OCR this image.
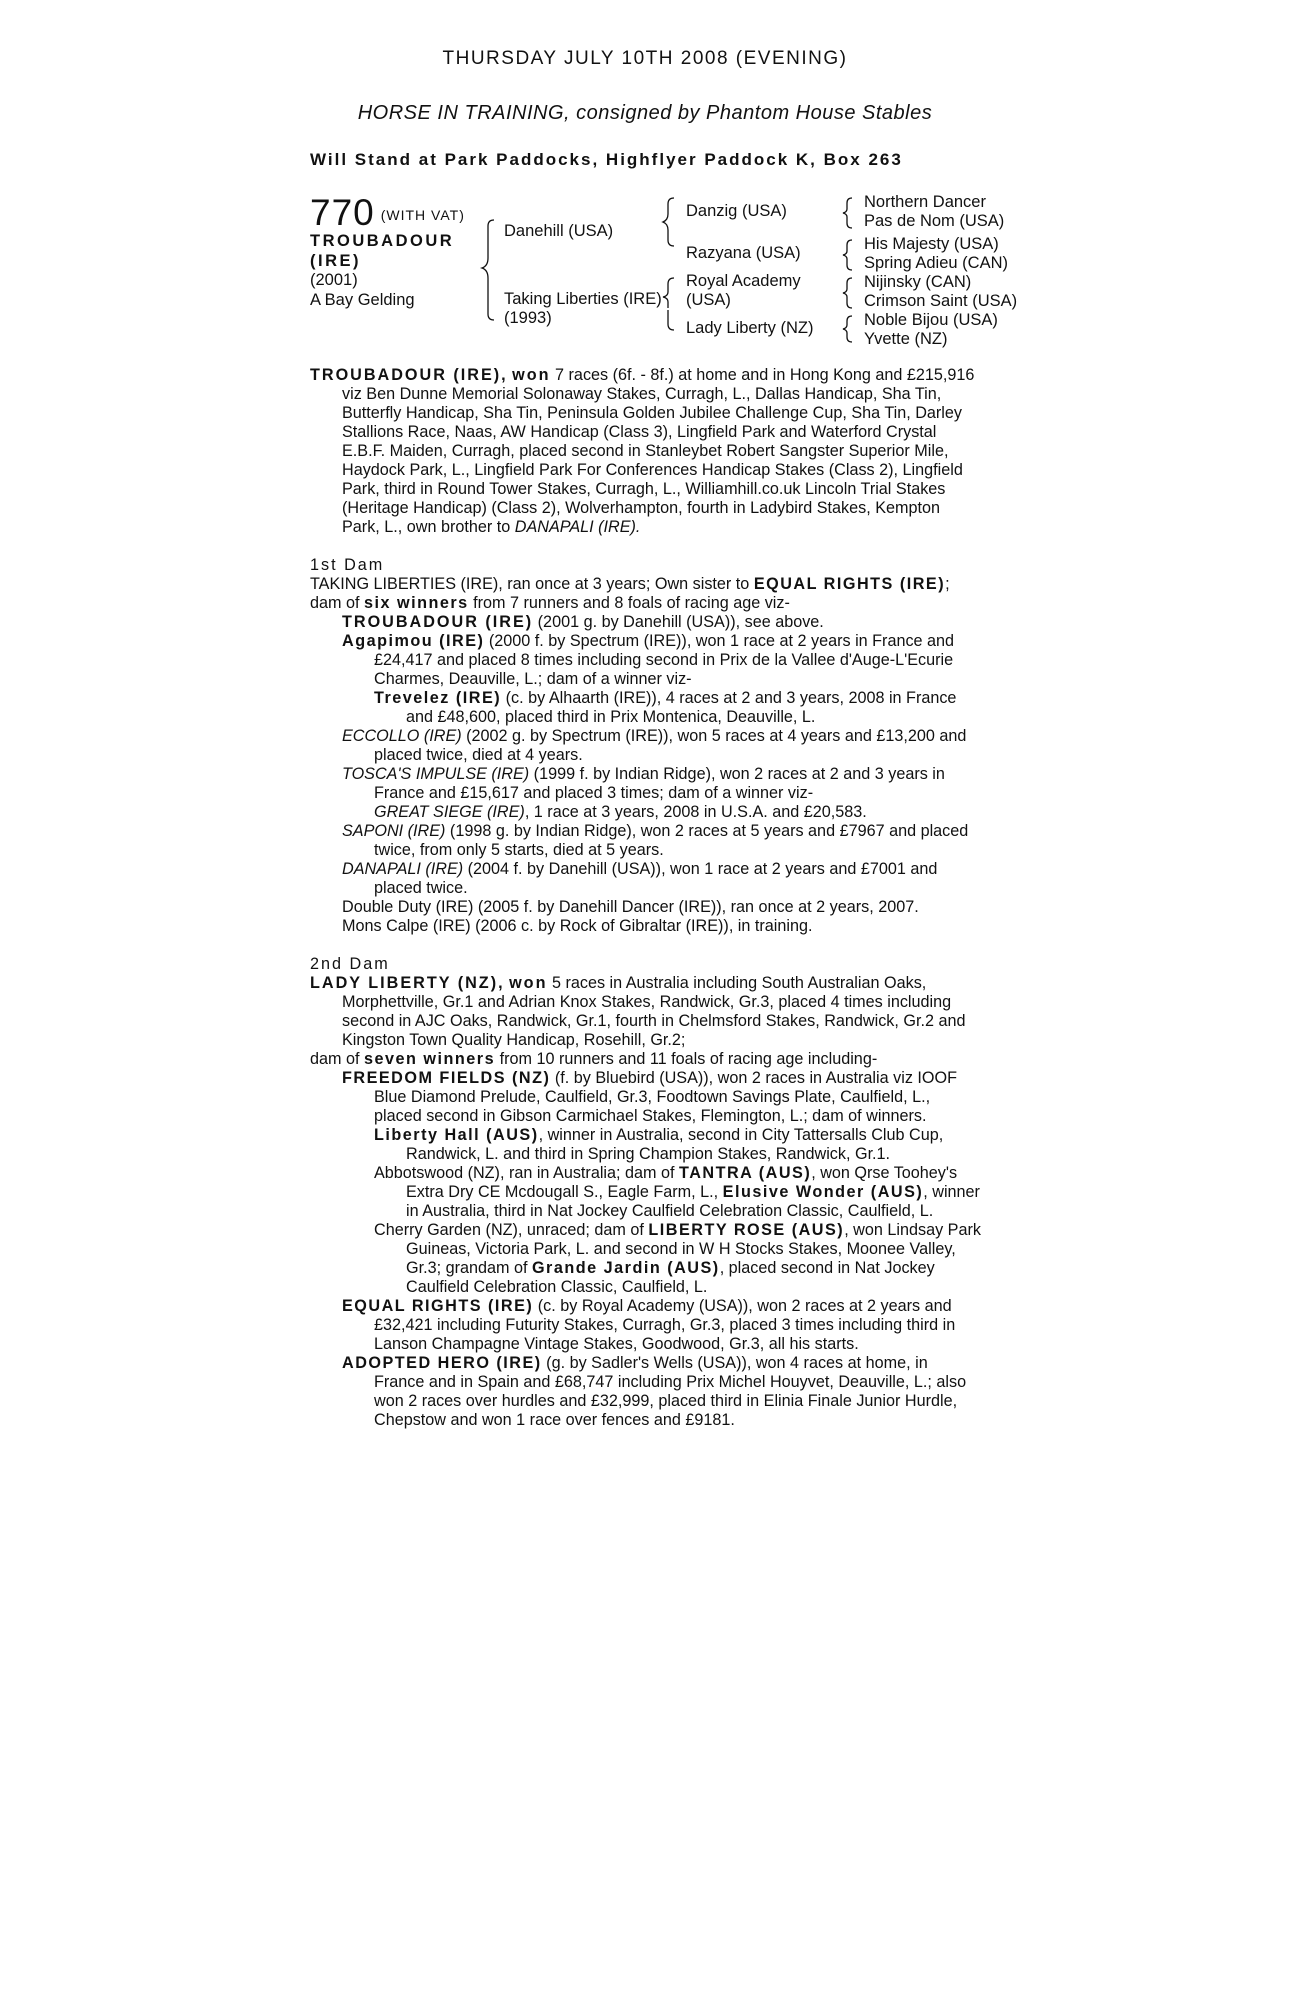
THURSDAY JULY 10TH 2008 (EVENING)
HORSE IN TRAINING, consigned by Phantom House Stables
Will Stand at Park Paddocks, Highflyer Paddock K, Box 263
770 (WITH VAT)
TROUBADOUR
(IRE)
(2001)
A Bay Gelding
Danehill (USA)
Taking Liberties (IRE)
(1993)
Danzig (USA)
Razyana (USA)
Royal Academy
(USA)
Lady Liberty (NZ)
Northern Dancer
Pas de Nom (USA)
His Majesty (USA)
Spring Adieu (CAN)
Nijinsky (CAN)
Crimson Saint (USA)
Noble Bijou (USA)
Yvette (NZ)

TROUBADOUR (IRE), won 7 races (6f. - 8f.) at home and in Hong Kong and £215,916 viz Ben Dunne Memorial Solonaway Stakes, Curragh, L., Dallas Handicap, Sha Tin, Butterfly Handicap, Sha Tin, Peninsula Golden Jubilee Challenge Cup, Sha Tin, Darley Stallions Race, Naas, AW Handicap (Class 3), Lingfield Park and Waterford Crystal E.B.F. Maiden, Curragh, placed second in Stanleybet Robert Sangster Superior Mile, Haydock Park, L., Lingfield Park For Conferences Handicap Stakes (Class 2), Lingfield Park, third in Round Tower Stakes, Curragh, L., Williamhill.co.uk Lincoln Trial Stakes (Heritage Handicap) (Class 2), Wolverhampton, fourth in Ladybird Stakes, Kempton Park, L., own brother to DANAPALI (IRE).

1st Dam

TAKING LIBERTIES (IRE), ran once at 3 years; Own sister to EQUAL RIGHTS (IRE);

dam of six winners from 7 runners and 8 foals of racing age viz-

TROUBADOUR (IRE) (2001 g. by Danehill (USA)), see above.

Agapimou (IRE) (2000 f. by Spectrum (IRE)), won 1 race at 2 years in France and £24,417 and placed 8 times including second in Prix de la Vallee d'Auge-L'Ecurie Charmes, Deauville, L.; dam of a winner viz-

Trevelez (IRE) (c. by Alhaarth (IRE)), 4 races at 2 and 3 years, 2008 in France and £48,600, placed third in Prix Montenica, Deauville, L.

ECCOLLO (IRE) (2002 g. by Spectrum (IRE)), won 5 races at 4 years and £13,200 and placed twice, died at 4 years.

TOSCA'S IMPULSE (IRE) (1999 f. by Indian Ridge), won 2 races at 2 and 3 years in France and £15,617 and placed 3 times; dam of a winner viz-

GREAT SIEGE (IRE), 1 race at 3 years, 2008 in U.S.A. and £20,583.

SAPONI (IRE) (1998 g. by Indian Ridge), won 2 races at 5 years and £7967 and placed twice, from only 5 starts, died at 5 years.

DANAPALI (IRE) (2004 f. by Danehill (USA)), won 1 race at 2 years and £7001 and placed twice.

Double Duty (IRE) (2005 f. by Danehill Dancer (IRE)), ran once at 2 years, 2007.

Mons Calpe (IRE) (2006 c. by Rock of Gibraltar (IRE)), in training.

2nd Dam

LADY LIBERTY (NZ), won 5 races in Australia including South Australian Oaks, Morphettville, Gr.1 and Adrian Knox Stakes, Randwick, Gr.3, placed 4 times including second in AJC Oaks, Randwick, Gr.1, fourth in Chelmsford Stakes, Randwick, Gr.2 and Kingston Town Quality Handicap, Rosehill, Gr.2;

dam of seven winners from 10 runners and 11 foals of racing age including-

FREEDOM FIELDS (NZ) (f. by Bluebird (USA)), won 2 races in Australia viz IOOF Blue Diamond Prelude, Caulfield, Gr.3, Foodtown Savings Plate, Caulfield, L., placed second in Gibson Carmichael Stakes, Flemington, L.; dam of winners.

Liberty Hall (AUS), winner in Australia, second in City Tattersalls Club Cup, Randwick, L. and third in Spring Champion Stakes, Randwick, Gr.1.

Abbotswood (NZ), ran in Australia; dam of TANTRA (AUS), won Qrse Toohey's Extra Dry CE Mcdougall S., Eagle Farm, L., Elusive Wonder (AUS), winner in Australia, third in Nat Jockey Caulfield Celebration Classic, Caulfield, L.

Cherry Garden (NZ), unraced; dam of LIBERTY ROSE (AUS), won Lindsay Park Guineas, Victoria Park, L. and second in W H Stocks Stakes, Moonee Valley, Gr.3; grandam of Grande Jardin (AUS), placed second in Nat Jockey Caulfield Celebration Classic, Caulfield, L.

EQUAL RIGHTS (IRE) (c. by Royal Academy (USA)), won 2 races at 2 years and £32,421 including Futurity Stakes, Curragh, Gr.3, placed 3 times including third in Lanson Champagne Vintage Stakes, Goodwood, Gr.3, all his starts.

ADOPTED HERO (IRE) (g. by Sadler's Wells (USA)), won 4 races at home, in France and in Spain and £68,747 including Prix Michel Houyvet, Deauville, L.; also won 2 races over hurdles and £32,999, placed third in Elinia Finale Junior Hurdle, Chepstow and won 1 race over fences and £9181.
